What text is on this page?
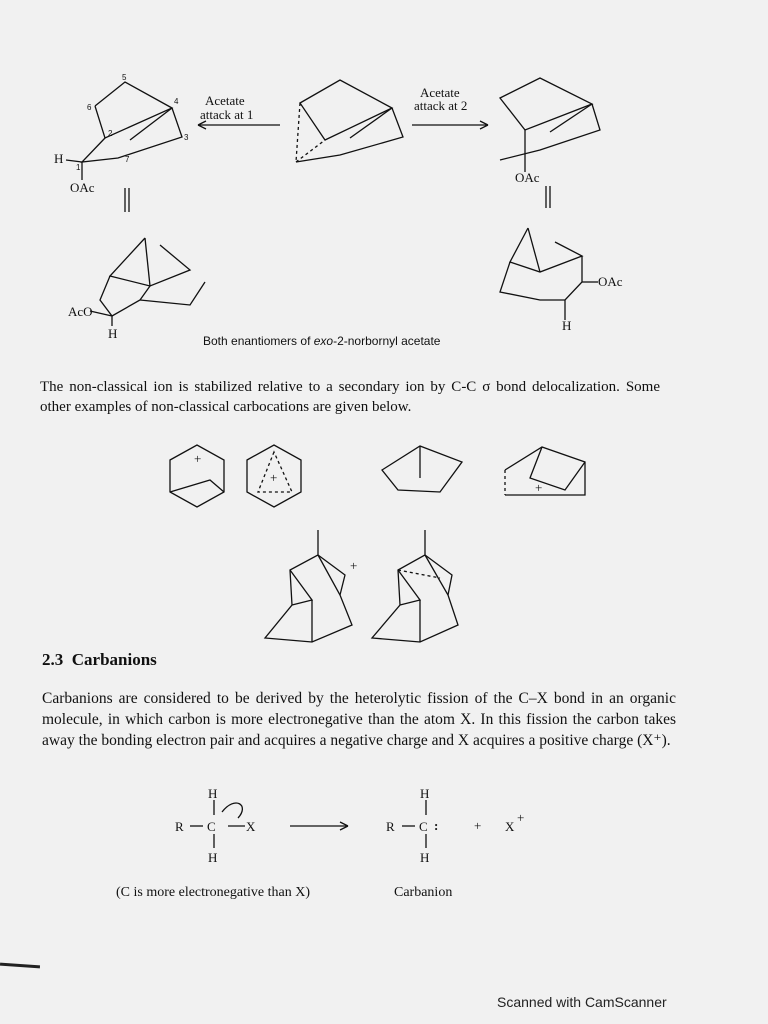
Acetate
attack at 1
Acetate
attack at 2
OAc
H
OAc
OAc
AcO
H
H
5
4
3
2
7
6
1
+
+
+
+
H
R C X
H
H
R C :
H
+ X
+
Both enantiomers of exo-2-norbornyl acetate
The non-classical ion is stabilized relative to a secondary ion by C-C σ bond delocalization. Some other examples of non-classical carbocations are given below.
2.3 Carbanions
Carbanions are considered to be derived by the heterolytic fission of the C–X bond in an organic molecule, in which carbon is more electronegative than the atom X. In this fission the carbon takes away the bonding electron pair and acquires a negative charge and X acquires a positive charge (X⁺).
(C is more electronegative than X)	Carbanion
Scanned with CamScanner
